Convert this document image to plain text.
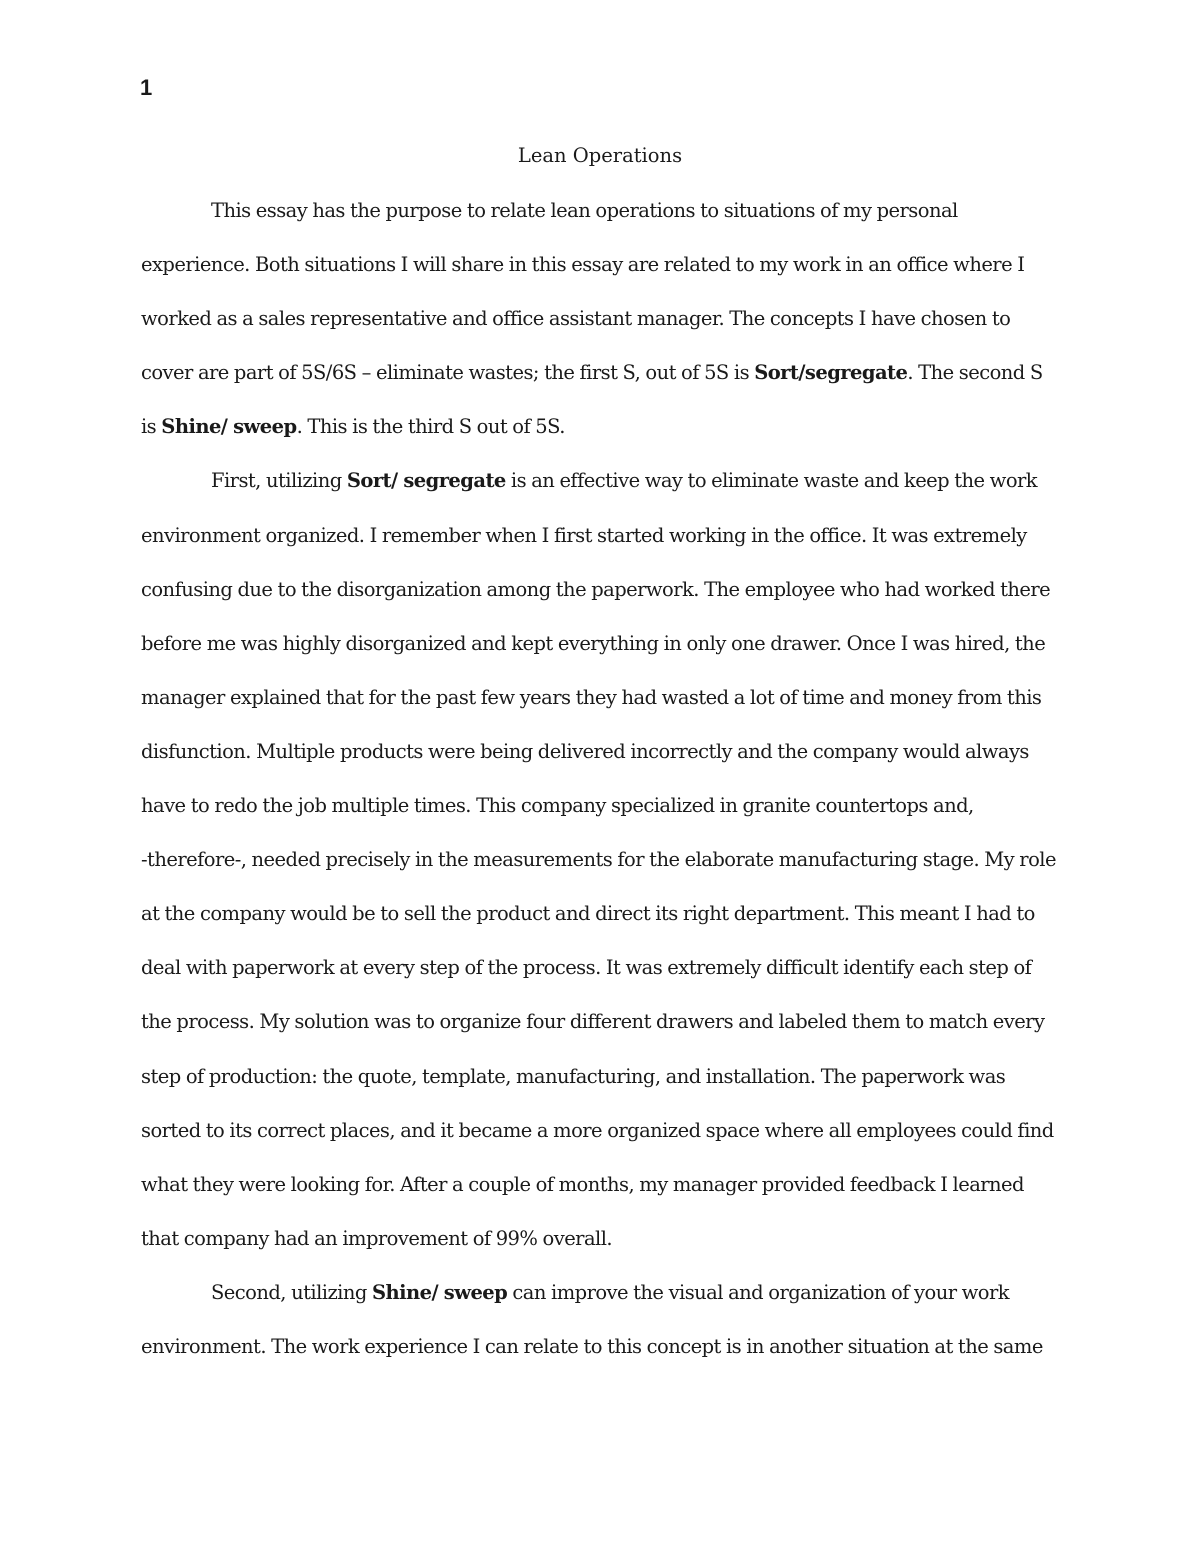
1
Lean Operations
This essay has the purpose to relate lean operations to situations of my personal
experience. Both situations I will share in this essay are related to my work in an office where I
worked as a sales representative and office assistant manager. The concepts I have chosen to
cover are part of 5S/6S – eliminate wastes; the first S, out of 5S is Sort/segregate. The second S
is Shine/ sweep. This is the third S out of 5S.
First, utilizing Sort/ segregate is an effective way to eliminate waste and keep the work
environment organized. I remember when I first started working in the office. It was extremely
confusing due to the disorganization among the paperwork. The employee who had worked there
before me was highly disorganized and kept everything in only one drawer. Once I was hired, the
manager explained that for the past few years they had wasted a lot of time and money from this
disfunction. Multiple products were being delivered incorrectly and the company would always
have to redo the job multiple times. This company specialized in granite countertops and,
-therefore-, needed precisely in the measurements for the elaborate manufacturing stage. My role
at the company would be to sell the product and direct its right department. This meant I had to
deal with paperwork at every step of the process. It was extremely difficult identify each step of
the process. My solution was to organize four different drawers and labeled them to match every
step of production: the quote, template, manufacturing, and installation. The paperwork was
sorted to its correct places, and it became a more organized space where all employees could find
what they were looking for. After a couple of months, my manager provided feedback I learned
that company had an improvement of 99% overall.
Second, utilizing Shine/ sweep can improve the visual and organization of your work
environment. The work experience I can relate to this concept is in another situation at the same
